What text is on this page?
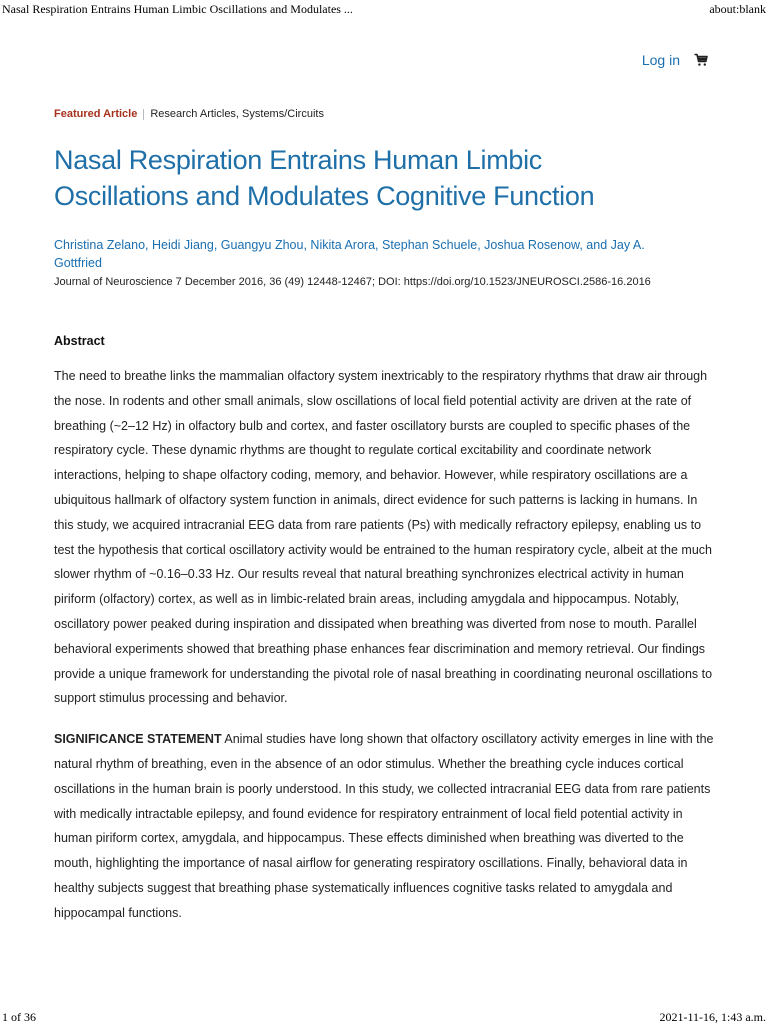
Nasal Respiration Entrains Human Limbic Oscillations and Modulates ...	about:blank
Log in
Featured Article Research Articles, Systems/Circuits
Nasal Respiration Entrains Human Limbic Oscillations and Modulates Cognitive Function
Christina Zelano, Heidi Jiang, Guangyu Zhou, Nikita Arora, Stephan Schuele, Joshua Rosenow, and Jay A. Gottfried
Journal of Neuroscience 7 December 2016, 36 (49) 12448-12467; DOI: https://doi.org/10.1523/JNEUROSCI.2586-16.2016
Abstract
The need to breathe links the mammalian olfactory system inextricably to the respiratory rhythms that draw air through the nose. In rodents and other small animals, slow oscillations of local field potential activity are driven at the rate of breathing (~2–12 Hz) in olfactory bulb and cortex, and faster oscillatory bursts are coupled to specific phases of the respiratory cycle. These dynamic rhythms are thought to regulate cortical excitability and coordinate network interactions, helping to shape olfactory coding, memory, and behavior. However, while respiratory oscillations are a ubiquitous hallmark of olfactory system function in animals, direct evidence for such patterns is lacking in humans. In this study, we acquired intracranial EEG data from rare patients (Ps) with medically refractory epilepsy, enabling us to test the hypothesis that cortical oscillatory activity would be entrained to the human respiratory cycle, albeit at the much slower rhythm of ~0.16–0.33 Hz. Our results reveal that natural breathing synchronizes electrical activity in human piriform (olfactory) cortex, as well as in limbic-related brain areas, including amygdala and hippocampus. Notably, oscillatory power peaked during inspiration and dissipated when breathing was diverted from nose to mouth. Parallel behavioral experiments showed that breathing phase enhances fear discrimination and memory retrieval. Our findings provide a unique framework for understanding the pivotal role of nasal breathing in coordinating neuronal oscillations to support stimulus processing and behavior.
SIGNIFICANCE STATEMENT Animal studies have long shown that olfactory oscillatory activity emerges in line with the natural rhythm of breathing, even in the absence of an odor stimulus. Whether the breathing cycle induces cortical oscillations in the human brain is poorly understood. In this study, we collected intracranial EEG data from rare patients with medically intractable epilepsy, and found evidence for respiratory entrainment of local field potential activity in human piriform cortex, amygdala, and hippocampus. These effects diminished when breathing was diverted to the mouth, highlighting the importance of nasal airflow for generating respiratory oscillations. Finally, behavioral data in healthy subjects suggest that breathing phase systematically influences cognitive tasks related to amygdala and hippocampal functions.
1 of 36	2021-11-16, 1:43 a.m.
